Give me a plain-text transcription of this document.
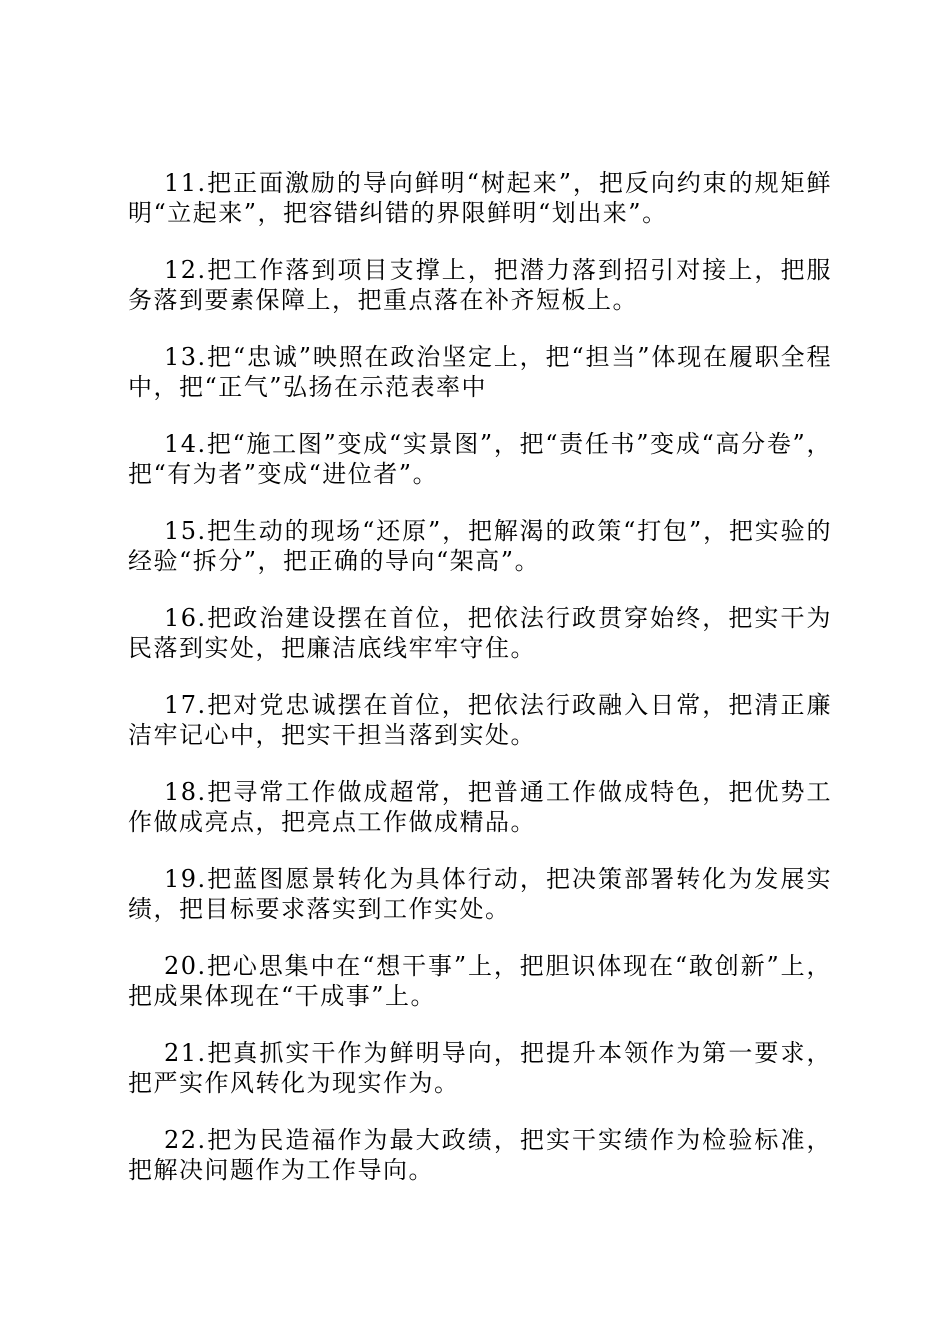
11.把正面激励的导向鲜明“树起来”，把反向约束的规矩鲜明“立起来”，把容错纠错的界限鲜明“划出来”。

12.把工作落到项目支撑上，把潜力落到招引对接上，把服务落到要素保障上，把重点落在补齐短板上。

13.把“忠诚”映照在政治坚定上，把“担当”体现在履职全程中，把“正气”弘扬在示范表率中

14.把“施工图”变成“实景图”，把“责任书”变成“高分卷”，把“有为者”变成“进位者”。

15.把生动的现场“还原”，把解渴的政策“打包”，把实验的经验“拆分”，把正确的导向“架高”。

16.把政治建设摆在首位，把依法行政贯穿始终，把实干为民落到实处，把廉洁底线牢牢守住。

17.把对党忠诚摆在首位，把依法行政融入日常，把清正廉洁牢记心中，把实干担当落到实处。

18.把寻常工作做成超常，把普通工作做成特色，把优势工作做成亮点，把亮点工作做成精品。

19.把蓝图愿景转化为具体行动，把决策部署转化为发展实绩，把目标要求落实到工作实处。

20.把心思集中在“想干事”上，把胆识体现在“敢创新”上，把成果体现在“干成事”上。

21.把真抓实干作为鲜明导向，把提升本领作为第一要求，把严实作风转化为现实作为。

22.把为民造福作为最大政绩，把实干实绩作为检验标准，把解决问题作为工作导向。
